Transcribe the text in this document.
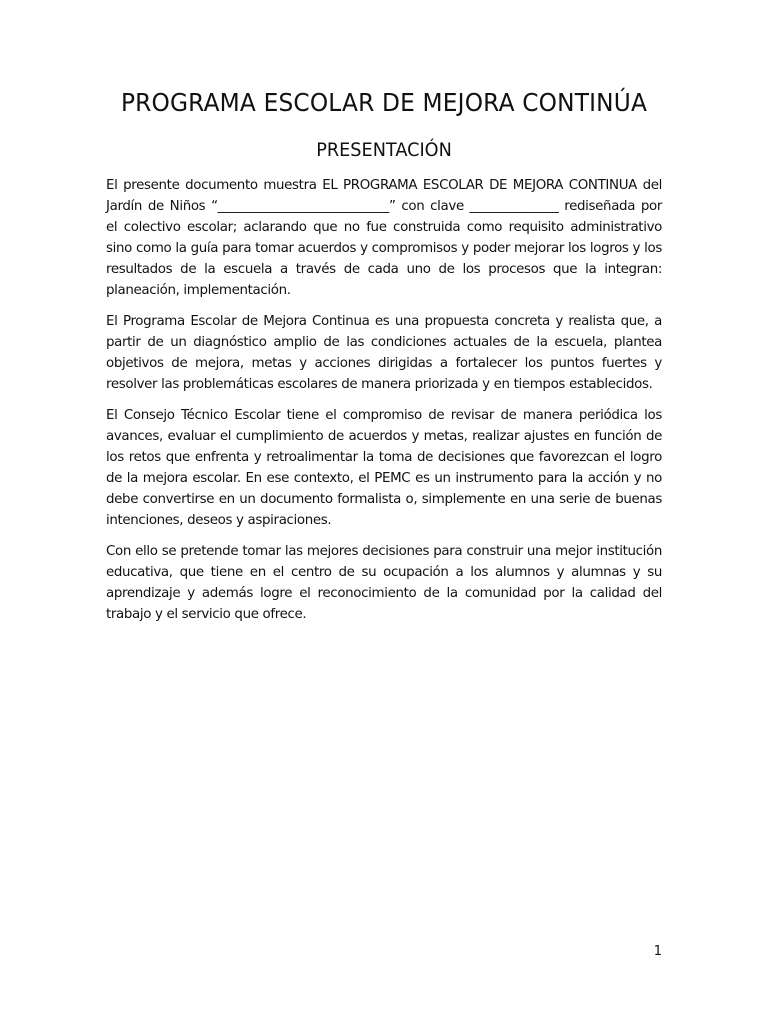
PROGRAMA ESCOLAR DE MEJORA CONTINÚA
PRESENTACIÓN

El presente documento muestra EL PROGRAMA ESCOLAR DE MEJORA CONTINUA del Jardín de Niños “___________________________” con clave ______________ rediseñada por el colectivo escolar; aclarando que no fue construida como requisito administrativo sino como la guía para tomar acuerdos y compromisos y poder mejorar los logros y los resultados de la escuela a través de cada uno de los procesos que la integran: planeación, implementación.

El Programa Escolar de Mejora Continua es una propuesta concreta y realista que, a partir de un diagnóstico amplio de las condiciones actuales de la escuela, plantea objetivos de mejora, metas y acciones dirigidas a fortalecer los puntos fuertes y resolver las problemáticas escolares de manera priorizada y en tiempos establecidos.

El Consejo Técnico Escolar tiene el compromiso de revisar de manera periódica los avances, evaluar el cumplimiento de acuerdos y metas, realizar ajustes en función de los retos que enfrenta y retroalimentar la toma de decisiones que favorezcan el logro de la mejora escolar. En ese contexto, el PEMC es un instrumento para la acción y no debe convertirse en un documento formalista o, simplemente en una serie de buenas intenciones, deseos y aspiraciones.

Con ello se pretende tomar las mejores decisiones para construir una mejor institución educativa, que tiene en el centro de su ocupación a los alumnos y alumnas y su aprendizaje y además logre el reconocimiento de la comunidad por la calidad del trabajo y el servicio que ofrece.

1
